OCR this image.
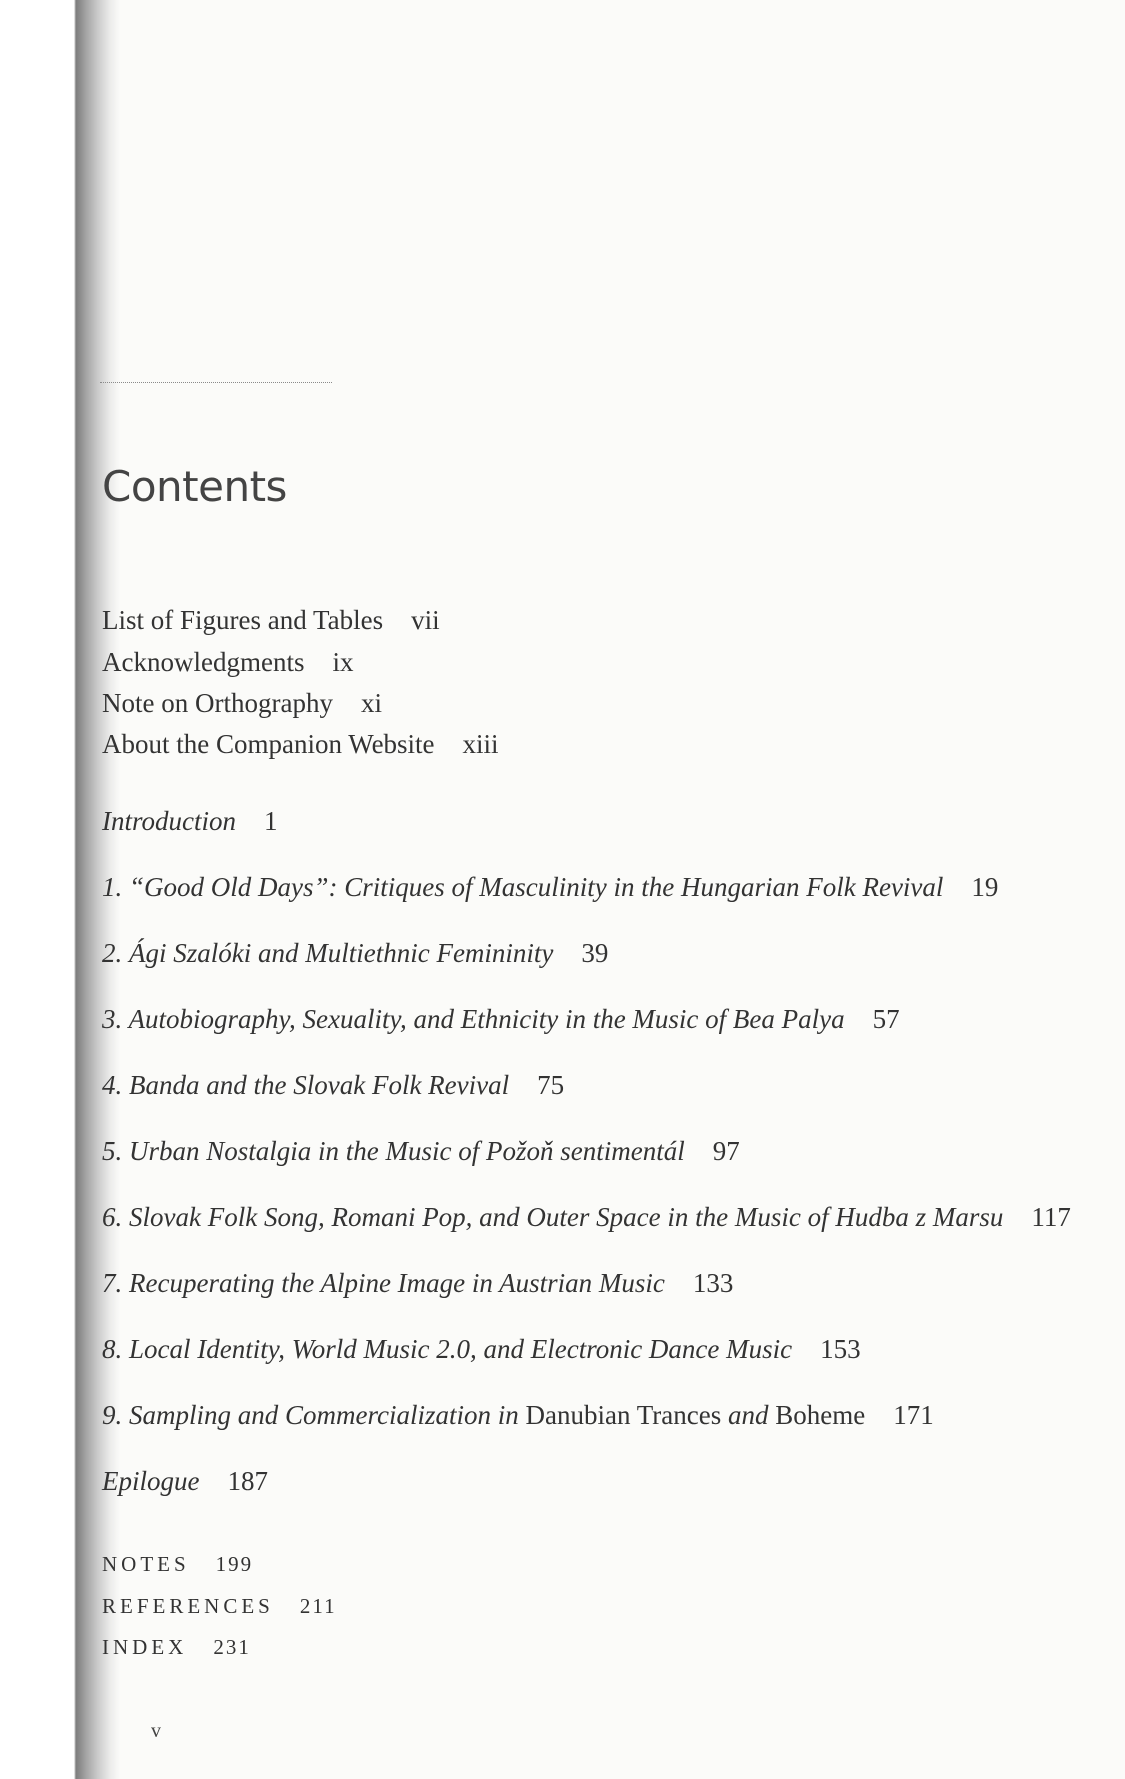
Contents
List of Figures and Tables vii
Acknowledgments ix
Note on Orthography xi
About the Companion Website xiii
Introduction 1
1. “Good Old Days”: Critiques of Masculinity in the Hungarian Folk Revival 19
2. Ági Szalóki and Multiethnic Femininity 39
3. Autobiography, Sexuality, and Ethnicity in the Music of Bea Palya 57
4. Banda and the Slovak Folk Revival 75
5. Urban Nostalgia in the Music of Požoň sentimentál 97
6. Slovak Folk Song, Romani Pop, and Outer Space in the Music of Hudba z Marsu 117
7. Recuperating the Alpine Image in Austrian Music 133
8. Local Identity, World Music 2.0, and Electronic Dance Music 153
9. Sampling and Commercialization in Danubian Trances and Boheme 171
Epilogue 187
NOTES 199
REFERENCES 211
INDEX 231
v
